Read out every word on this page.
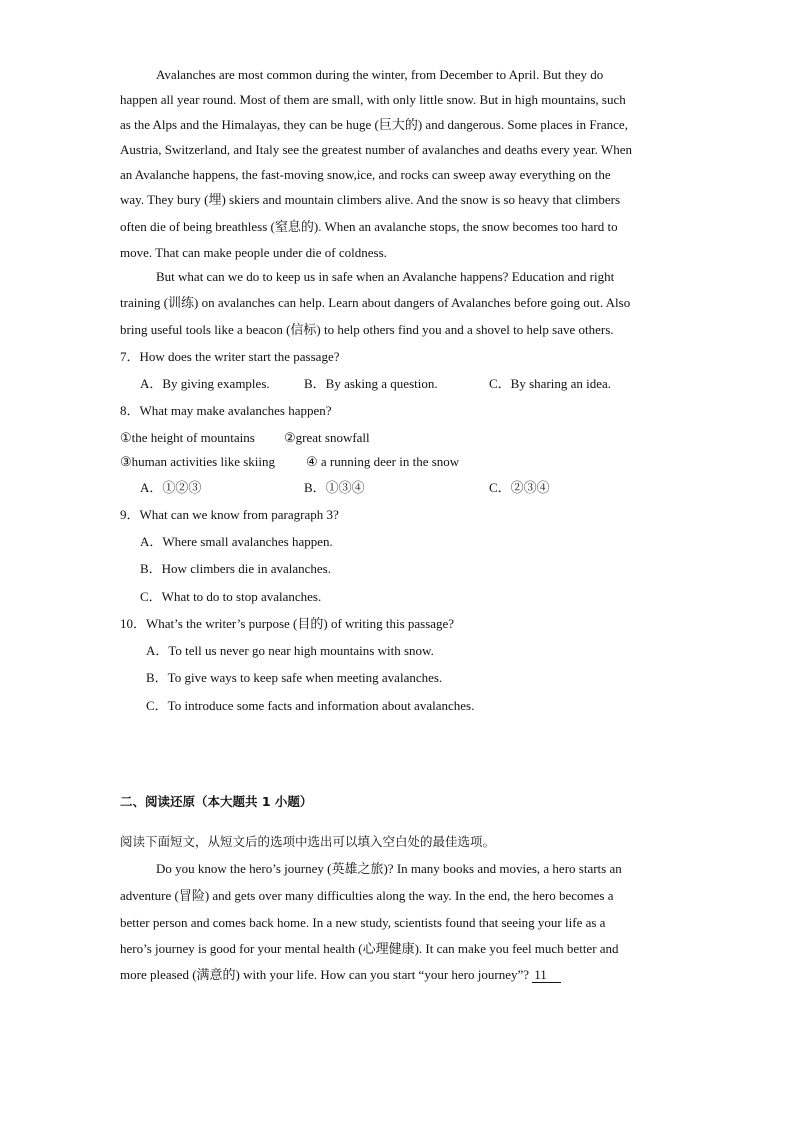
Avalanches are most common during the winter, from December to April. But they do
happen all year round. Most of them are small, with only little snow. But in high mountains, such
as the Alps and the Himalayas, they can be huge (巨大的) and dangerous. Some places in France,
Austria, Switzerland, and Italy see the greatest number of avalanches and deaths every year. When
an Avalanche happens, the fast-moving snow,ice, and rocks can sweep away everything on the
way. They bury (埋) skiers and mountain climbers alive. And the snow is so heavy that climbers
often die of being breathless (窒息的). When an avalanche stops, the snow becomes too hard to
move. That can make people under die of coldness.
But what can we do to keep us in safe when an Avalanche happens? Education and right
training (训练) on avalanches can help. Learn about dangers of Avalanches before going out. Also
bring useful tools like a beacon (信标) to help others find you and a shovel to help save others.
7．How does the writer start the passage?
A．By giving examples.	B．By asking a question.	C．By sharing an idea.
8．What may make avalanches happen?
①the height of mountains ②great snowfall
③human activities like skiing ④ a running deer in the snow
A．①②③	B．①③④	C．②③④
9．What can we know from paragraph 3?
A．Where small avalanches happen.
B．How climbers die in avalanches.
C．What to do to stop avalanches.
10．What’s the writer’s purpose (目的) of writing this passage?
A．To tell us never go near high mountains with snow.
B．To give ways to keep safe when meeting avalanches.
C．To introduce some facts and information about avalanches.
二、阅读还原（本大题共 1 小题）
阅读下面短文，从短文后的选项中选出可以填入空白处的最佳选项。
Do you know the hero’s journey (英雄之旅)? In many books and movies, a hero starts an
adventure (冒险) and gets over many difficulties along the way. In the end, the hero becomes a
better person and comes back home. In a new study, scientists found that seeing your life as a
hero’s journey is good for your mental health (心理健康). It can make you feel much better and
more pleased (满意的) with your life. How can you start “your hero journey”? 11
